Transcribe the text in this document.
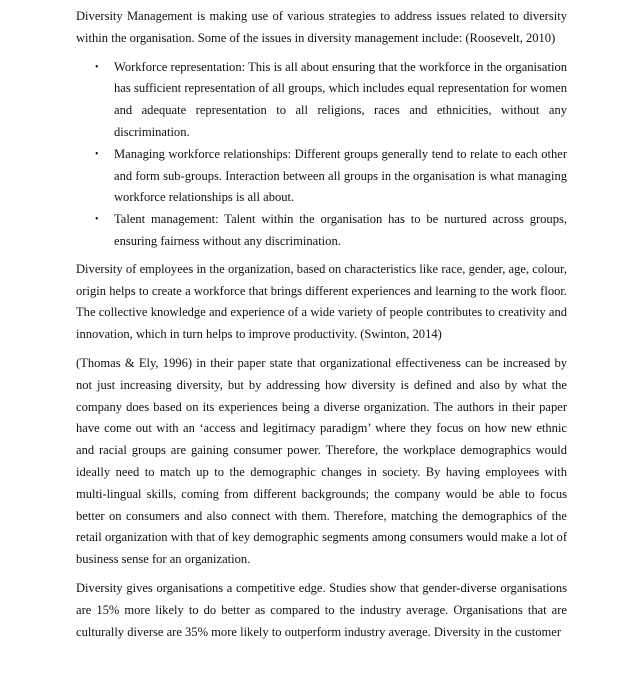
Diversity Management is making use of various strategies to address issues related to diversity within the organisation. Some of the issues in diversity management include: (Roosevelt, 2010)

• Workforce representation: This is all about ensuring that the workforce in the organisation has sufficient representation of all groups, which includes equal representation for women and adequate representation to all religions, races and ethnicities, without any discrimination.
• Managing workforce relationships: Different groups generally tend to relate to each other and form sub-groups. Interaction between all groups in the organisation is what managing workforce relationships is all about.
• Talent management: Talent within the organisation has to be nurtured across groups, ensuring fairness without any discrimination.

Diversity of employees in the organization, based on characteristics like race, gender, age, colour, origin helps to create a workforce that brings different experiences and learning to the work floor. The collective knowledge and experience of a wide variety of people contributes to creativity and innovation, which in turn helps to improve productivity. (Swinton, 2014)

(Thomas & Ely, 1996) in their paper state that organizational effectiveness can be increased by not just increasing diversity, but by addressing how diversity is defined and also by what the company does based on its experiences being a diverse organization. The authors in their paper have come out with an ‘access and legitimacy paradigm’ where they focus on how new ethnic and racial groups are gaining consumer power. Therefore, the workplace demographics would ideally need to match up to the demographic changes in society. By having employees with multi-lingual skills, coming from different backgrounds; the company would be able to focus better on consumers and also connect with them. Therefore, matching the demographics of the retail organization with that of key demographic segments among consumers would make a lot of business sense for an organization.

Diversity gives organisations a competitive edge. Studies show that gender-diverse organisations are 15% more likely to do better as compared to the industry average. Organisations that are culturally diverse are 35% more likely to outperform industry average. Diversity in the customer
